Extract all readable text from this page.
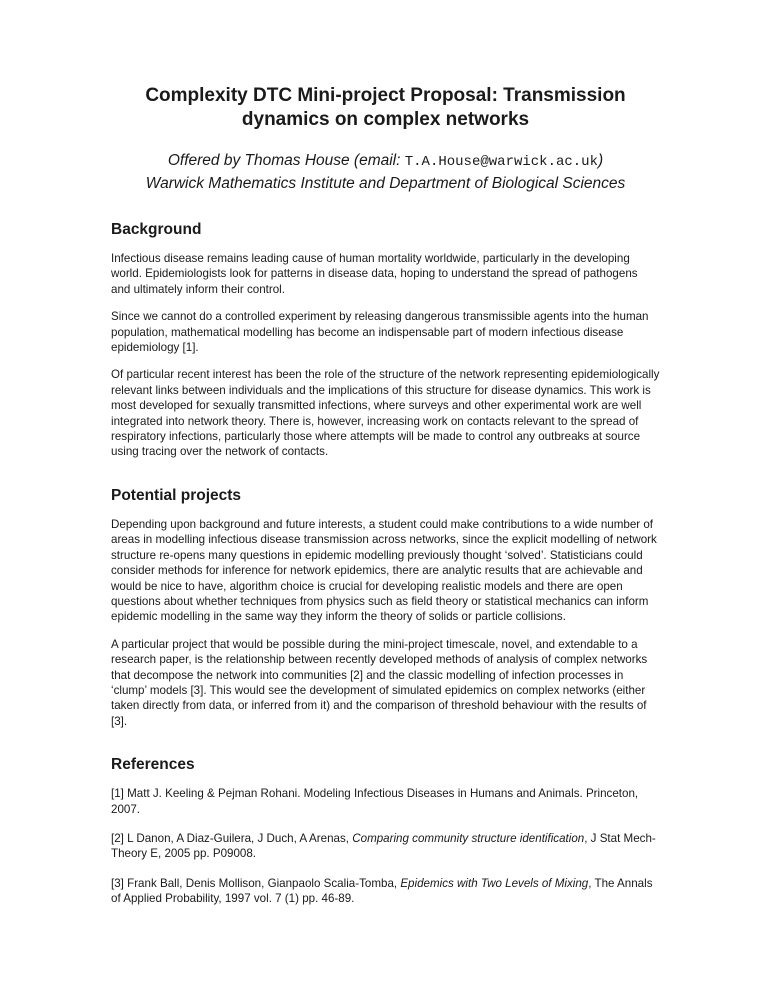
Complexity DTC Mini-project Proposal: Transmission dynamics on complex networks
Offered by Thomas House (email: T.A.House@warwick.ac.uk)
Warwick Mathematics Institute and Department of Biological Sciences
Background

Infectious disease remains leading cause of human mortality worldwide, particularly in the developing world. Epidemiologists look for patterns in disease data, hoping to understand the spread of pathogens and ultimately inform their control.

Since we cannot do a controlled experiment by releasing dangerous transmissible agents into the human population, mathematical modelling has become an indispensable part of modern infectious disease epidemiology [1].

Of particular recent interest has been the role of the structure of the network representing epidemiologically relevant links between individuals and the implications of this structure for disease dynamics. This work is most developed for sexually transmitted infections, where surveys and other experimental work are well integrated into network theory. There is, however, increasing work on contacts relevant to the spread of respiratory infections, particularly those where attempts will be made to control any outbreaks at source using tracing over the network of contacts.

Potential projects

Depending upon background and future interests, a student could make contributions to a wide number of areas in modelling infectious disease transmission across networks, since the explicit modelling of network structure re-opens many questions in epidemic modelling previously thought ‘solved’. Statisticians could consider methods for inference for network epidemics, there are analytic results that are achievable and would be nice to have, algorithm choice is crucial for developing realistic models and there are open questions about whether techniques from physics such as field theory or statistical mechanics can inform epidemic modelling in the same way they inform the theory of solids or particle collisions.

A particular project that would be possible during the mini-project timescale, novel, and extendable to a research paper, is the relationship between recently developed methods of analysis of complex networks that decompose the network into communities [2] and the classic modelling of infection processes in ‘clump’ models [3]. This would see the development of simulated epidemics on complex networks (either taken directly from data, or inferred from it) and the comparison of threshold behaviour with the results of [3].

References

[1] Matt J. Keeling & Pejman Rohani. Modeling Infectious Diseases in Humans and Animals. Princeton, 2007.

[2] L Danon, A Diaz-Guilera, J Duch, A Arenas, Comparing community structure identification, J Stat Mech-Theory E, 2005 pp. P09008.

[3] Frank Ball, Denis Mollison, Gianpaolo Scalia-Tomba, Epidemics with Two Levels of Mixing, The Annals of Applied Probability, 1997 vol. 7 (1) pp. 46-89.
